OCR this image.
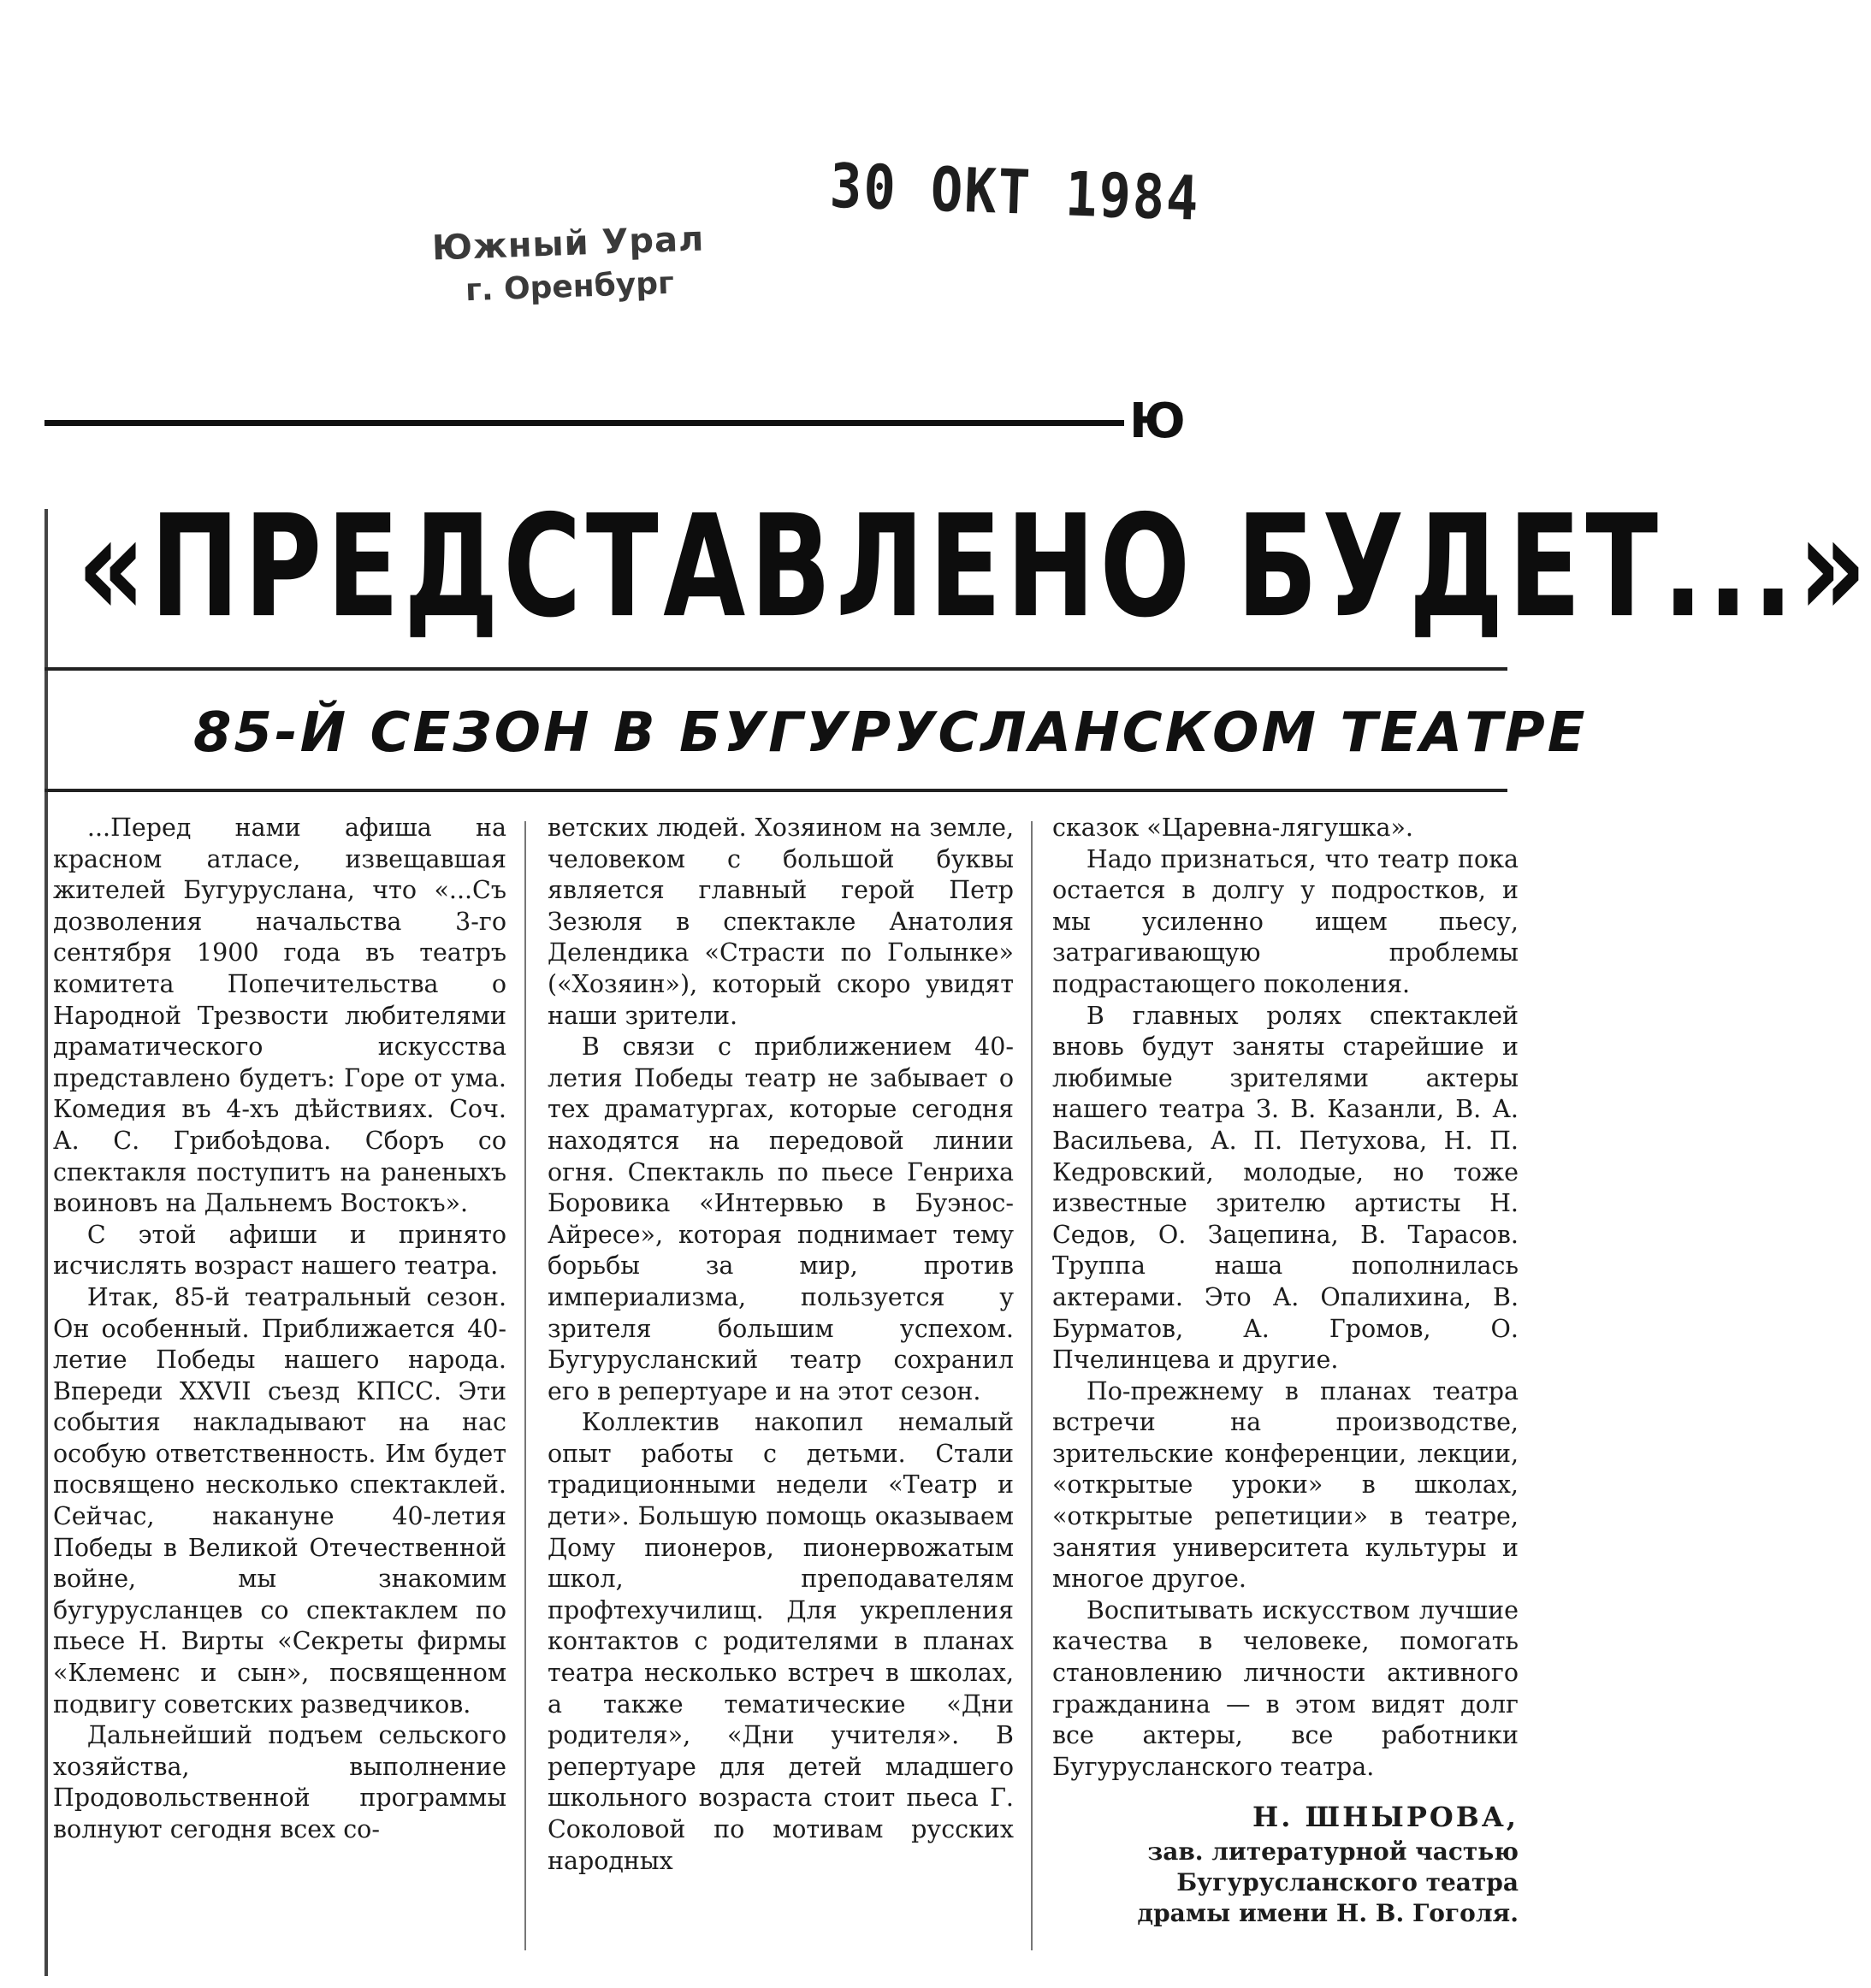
Южный Урал
г. Оренбург
30 ОКТ 1984
Ю
«ПРЕДСТАВЛЕНО БУДЕТ...»
85-Й СЕЗОН В БУГУРУСЛАНСКОМ ТЕАТРЕ

...Перед нами афиша на красном атласе, извещавшая жителей Бугуруслана, что «...Съ дозволения начальства 3-го сентября 1900 года въ театръ комитета Попечительства о Народной Трезвости любителями драматического искусства представлено будетъ: Горе от ума. Комедия въ 4-хъ дѣйствиях. Соч. А. С. Грибоѣдова. Сборъ со спектакля поступитъ на раненыхъ воиновъ на Дальнемъ Востокъ».

С этой афиши и принято исчислять возраст нашего театра.

Итак, 85-й театральный сезон. Он особенный. Приближается 40-летие Победы нашего народа. Впереди XXVII съезд КПСС. Эти события накладывают на нас особую ответственность. Им будет посвящено несколько спектаклей. Сейчас, накануне 40-летия Победы в Великой Отечественной войне, мы знакомим бугурусланцев со спектаклем по пьесе Н. Вирты «Секреты фирмы «Клеменс и сын», посвященном подвигу советских разведчиков.

Дальнейший подъем сельского хозяйства, выполнение Продовольственной программы волнуют сегодня всех со-

ветских людей. Хозяином на земле, человеком с большой буквы является главный герой Петр Зезюля в спектакле Анатолия Делендика «Страсти по Голынке» («Хозяин»), который скоро увидят наши зрители.

В связи с приближением 40-летия Победы театр не забывает о тех драматургах, которые сегодня находятся на передовой линии огня. Спектакль по пьесе Генриха Боровика «Интервью в Буэнос-Айресе», которая поднимает тему борьбы за мир, против империализма, пользуется у зрителя большим успехом. Бугурусланский театр сохранил его в репертуаре и на этот сезон.

Коллектив накопил немалый опыт работы с детьми. Стали традиционными недели «Театр и дети». Большую помощь оказываем Дому пионеров, пионервожатым школ, преподавателям профтехучилищ. Для укрепления контактов с родителями в планах театра несколько встреч в школах, а также тематические «Дни родителя», «Дни учителя». В репертуаре для детей младшего школьного возраста стоит пьеса Г. Соколовой по мотивам русских народных

сказок «Царевна-лягушка».

Надо признаться, что театр пока остается в долгу у подростков, и мы усиленно ищем пьесу, затрагивающую проблемы подрастающего поколения.

В главных ролях спектаклей вновь будут заняты старейшие и любимые зрителями актеры нашего театра З. В. Казанли, В. А. Васильева, А. П. Петухова, Н. П. Кедровский, молодые, но тоже известные зрителю артисты Н. Седов, О. Зацепина, В. Тарасов. Труппа наша пополнилась актерами. Это А. Опалихина, В. Бурматов, А. Громов, О. Пчелинцева и другие.

По-прежнему в планах театра встречи на производстве, зрительские конференции, лекции, «открытые уроки» в школах, «открытые репетиции» в театре, занятия университета культуры и многое другое.

Воспитывать искусством лучшие качества в человеке, помогать становлению личности активного гражданина — в этом видят долг все актеры, все работники Бугурусланского театра.

Н. ШНЫРОВА,
зав. литературной частью
Бугурусланского театра
драмы имени Н. В. Гоголя.
